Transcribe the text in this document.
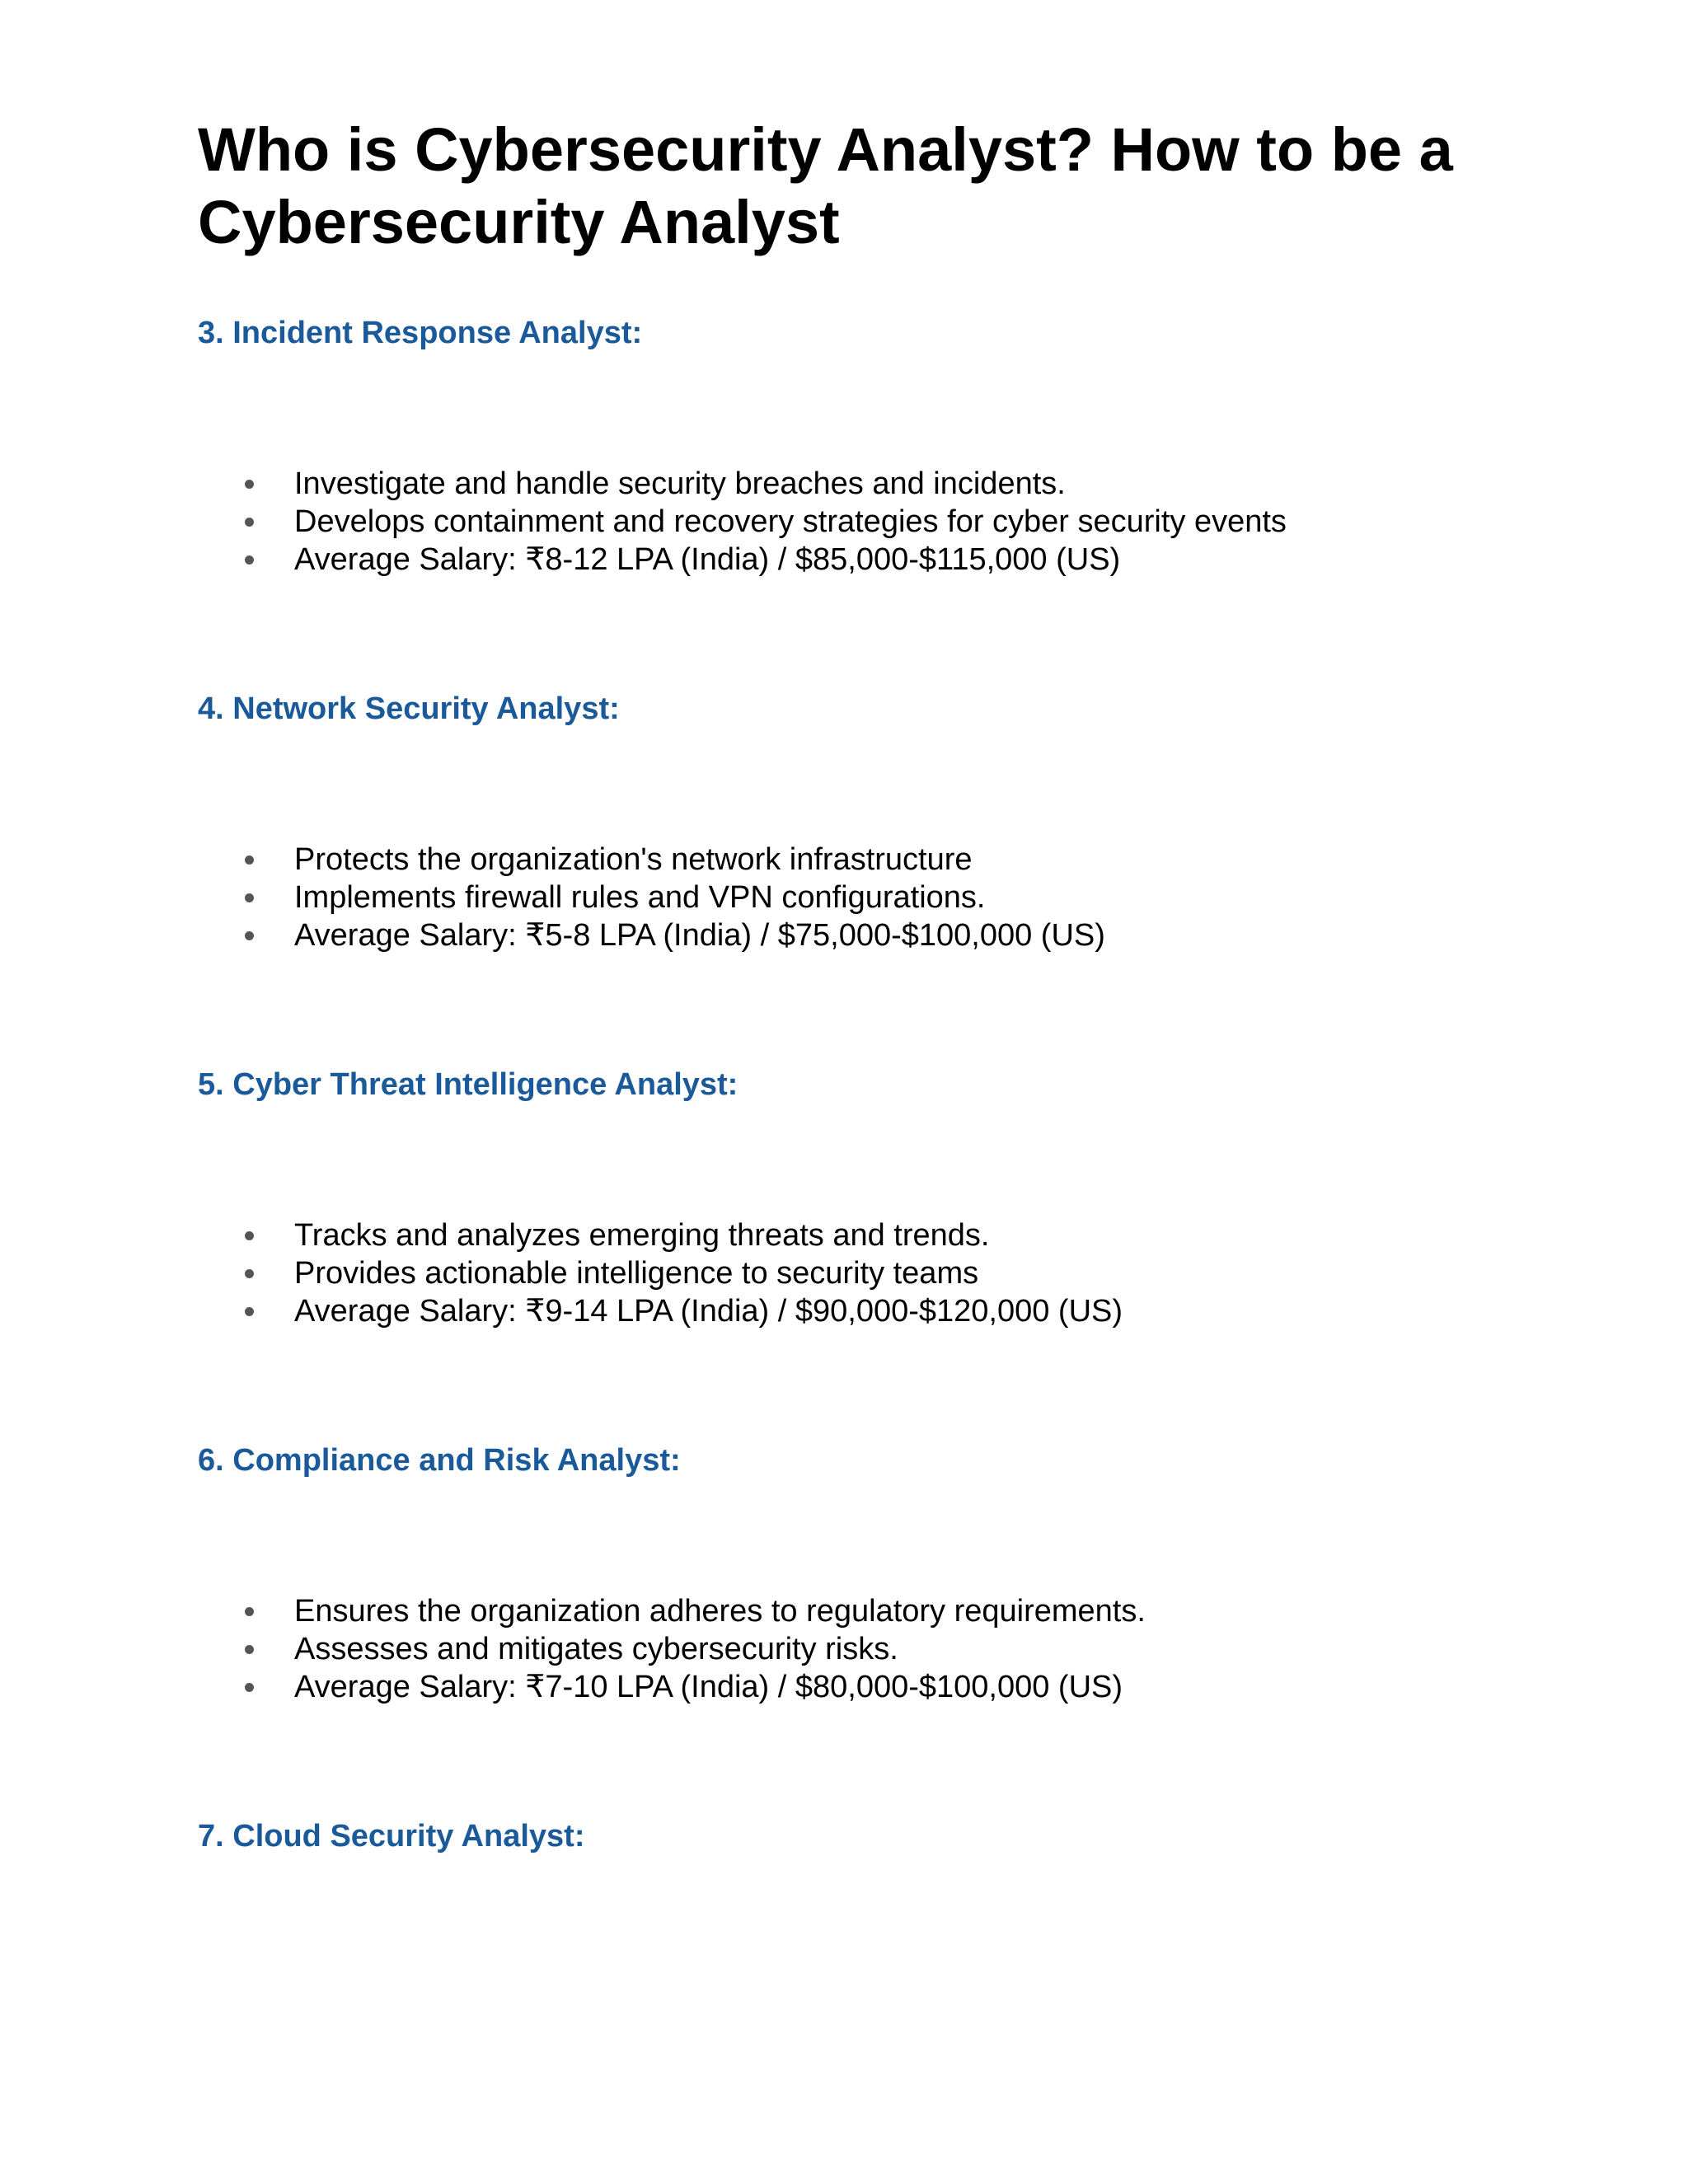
Who is Cybersecurity Analyst? How to be a Cybersecurity Analyst
3. Incident Response Analyst:
Investigate and handle security breaches and incidents.
Develops containment and recovery strategies for cyber security events
Average Salary: ₹8-12 LPA (India) / $85,000-$115,000 (US)
4. Network Security Analyst:
Protects the organization's network infrastructure
Implements firewall rules and VPN configurations.
Average Salary: ₹5-8 LPA (India) / $75,000-$100,000 (US)
5. Cyber Threat Intelligence Analyst:
Tracks and analyzes emerging threats and trends.
Provides actionable intelligence to security teams
Average Salary: ₹9-14 LPA (India) / $90,000-$120,000 (US)
6. Compliance and Risk Analyst:
Ensures the organization adheres to regulatory requirements.
Assesses and mitigates cybersecurity risks.
Average Salary: ₹7-10 LPA (India) / $80,000-$100,000 (US)
7. Cloud Security Analyst:
